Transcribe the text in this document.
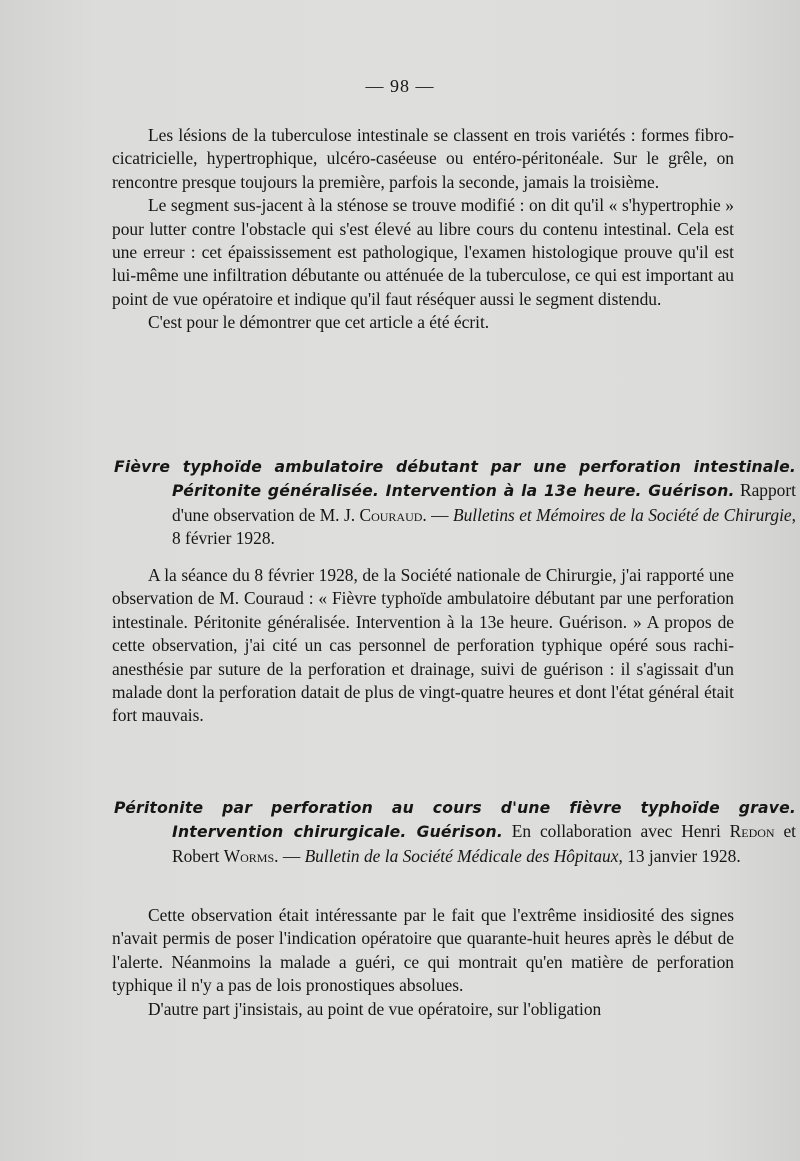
— 98 —

Les lésions de la tuberculose intestinale se classent en trois variétés : formes fibro-cicatricielle, hypertrophique, ulcéro-caséeuse ou entéro-péritonéale. Sur le grêle, on rencontre presque toujours la première, parfois la seconde, jamais la troisième.

Le segment sus-jacent à la sténose se trouve modifié : on dit qu'il « s'hypertrophie » pour lutter contre l'obstacle qui s'est élevé au libre cours du contenu intestinal. Cela est une erreur : cet épaississement est pathologique, l'examen histologique prouve qu'il est lui-même une infiltration débutante ou atténuée de la tuberculose, ce qui est important au point de vue opératoire et indique qu'il faut réséquer aussi le segment distendu.

C'est pour le démontrer que cet article a été écrit.

Fièvre typhoïde ambulatoire débutant par une perforation intestinale. Péritonite généralisée. Intervention à la 13e heure. Guérison. Rapport d'une observation de M. J. Couraud. — Bulletins et Mémoires de la Société de Chirurgie, 8 février 1928.

A la séance du 8 février 1928, de la Société nationale de Chirurgie, j'ai rapporté une observation de M. Couraud : « Fièvre typhoïde ambulatoire débutant par une perforation intestinale. Péritonite généralisée. Intervention à la 13e heure. Guérison. » A propos de cette observation, j'ai cité un cas personnel de perforation typhique opéré sous rachi-anesthésie par suture de la perforation et drainage, suivi de guérison : il s'agissait d'un malade dont la perforation datait de plus de vingt-quatre heures et dont l'état général était fort mauvais.

Péritonite par perforation au cours d'une fièvre typhoïde grave. Intervention chirurgicale. Guérison. En collaboration avec Henri Redon et Robert Worms. — Bulletin de la Société Médicale des Hôpitaux, 13 janvier 1928.

Cette observation était intéressante par le fait que l'extrême insidiosité des signes n'avait permis de poser l'indication opératoire que quarante-huit heures après le début de l'alerte. Néanmoins la malade a guéri, ce qui montrait qu'en matière de perforation typhique il n'y a pas de lois pronostiques absolues.

D'autre part j'insistais, au point de vue opératoire, sur l'obligation
